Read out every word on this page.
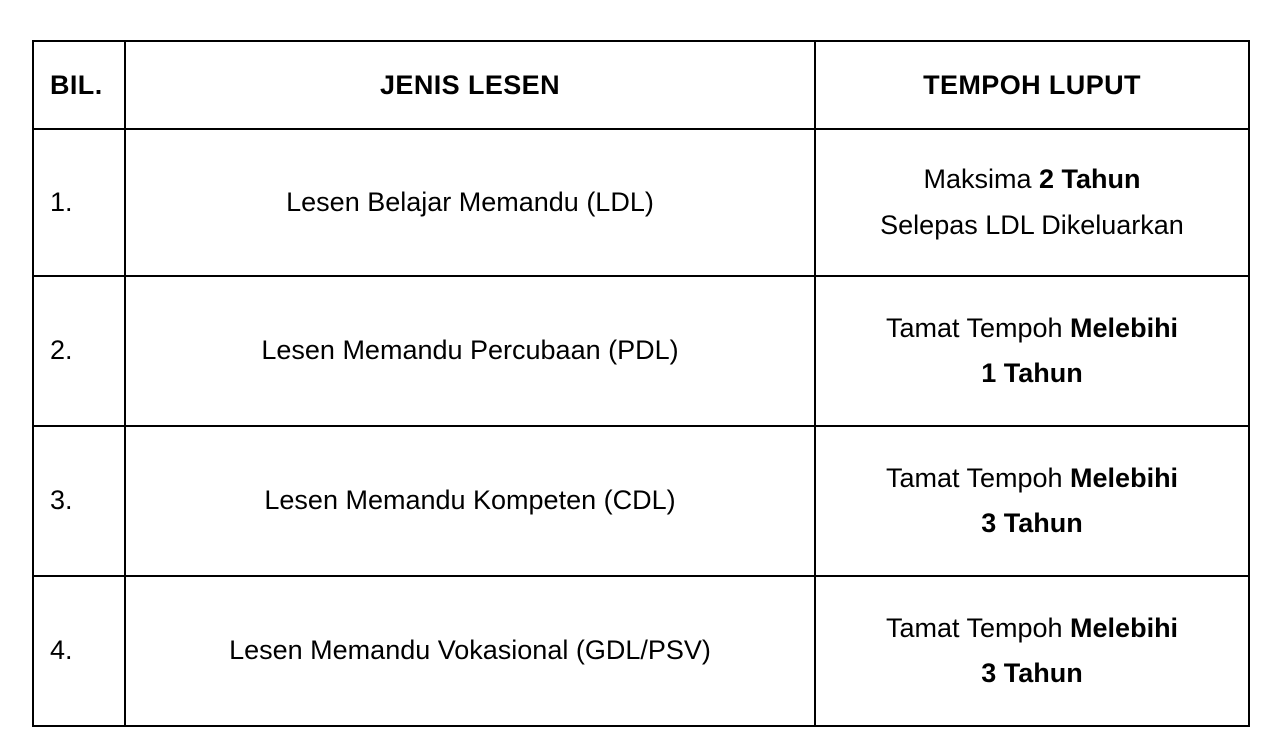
BIL.	JENIS LESEN	TEMPOH LUPUT
1.	Lesen Belajar Memandu (LDL)	Maksima 2 Tahun
Selepas LDL Dikeluarkan

2.	Lesen Memandu Percubaan (PDL)	Tamat Tempoh Melebihi
1 Tahun

3.	Lesen Memandu Kompeten (CDL)	Tamat Tempoh Melebihi
3 Tahun

4.	Lesen Memandu Vokasional (GDL/PSV)	Tamat Tempoh Melebihi
3 Tahun
